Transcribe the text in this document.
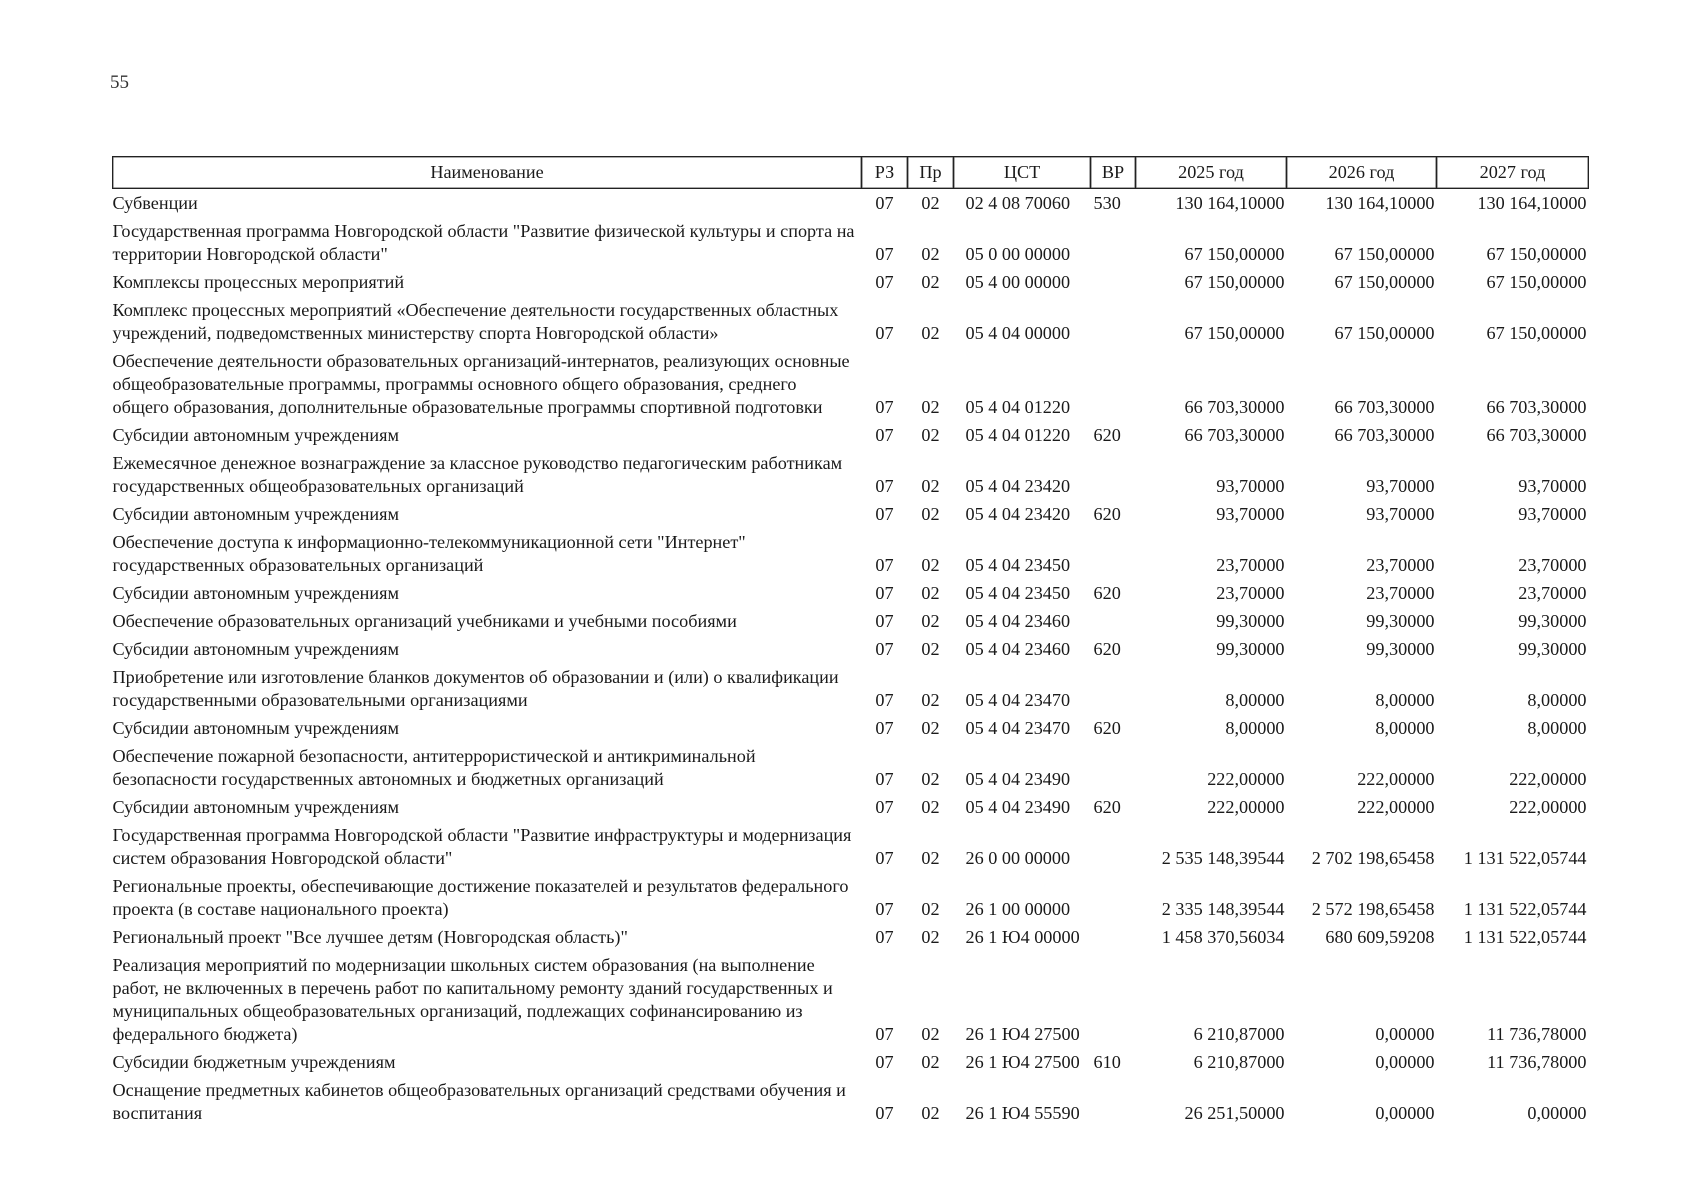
55
Наименование	РЗ	Пр	ЦСТ	ВР	2025 год	2026 год	2027 год
Субвенции	07	02	02 4 08 70060	530	130 164,10000	130 164,10000	130 164,10000
Государственная программа Новгородской области "Развитие физической культуры и спорта на территории Новгородской области"	07	02	05 0 00 00000		67 150,00000	67 150,00000	67 150,00000
Комплексы процессных мероприятий	07	02	05 4 00 00000		67 150,00000	67 150,00000	67 150,00000
Комплекс процессных мероприятий «Обеспечение деятельности государственных областных учреждений, подведомственных министерству спорта Новгородской области»	07	02	05 4 04 00000		67 150,00000	67 150,00000	67 150,00000
Обеспечение деятельности образовательных организаций-интернатов, реализующих основные общеобразовательные программы, программы основного общего образования, среднего общего образования, дополнительные образовательные программы спортивной подготовки	07	02	05 4 04 01220		66 703,30000	66 703,30000	66 703,30000
Субсидии автономным учреждениям	07	02	05 4 04 01220	620	66 703,30000	66 703,30000	66 703,30000
Ежемесячное денежное вознаграждение за классное руководство педагогическим работникам государственных общеобразовательных организаций	07	02	05 4 04 23420		93,70000	93,70000	93,70000
Субсидии автономным учреждениям	07	02	05 4 04 23420	620	93,70000	93,70000	93,70000
Обеспечение доступа к информационно-телекоммуникационной сети "Интернет" государственных образовательных организаций	07	02	05 4 04 23450		23,70000	23,70000	23,70000
Субсидии автономным учреждениям	07	02	05 4 04 23450	620	23,70000	23,70000	23,70000
Обеспечение образовательных организаций учебниками и учебными пособиями	07	02	05 4 04 23460		99,30000	99,30000	99,30000
Субсидии автономным учреждениям	07	02	05 4 04 23460	620	99,30000	99,30000	99,30000
Приобретение или изготовление бланков документов об образовании и (или) о квалификации государственными образовательными организациями	07	02	05 4 04 23470		8,00000	8,00000	8,00000
Субсидии автономным учреждениям	07	02	05 4 04 23470	620	8,00000	8,00000	8,00000
Обеспечение пожарной безопасности, антитеррористической и антикриминальной безопасности государственных автономных и бюджетных организаций	07	02	05 4 04 23490		222,00000	222,00000	222,00000
Субсидии автономным учреждениям	07	02	05 4 04 23490	620	222,00000	222,00000	222,00000
Государственная программа Новгородской области "Развитие инфраструктуры и модернизация систем образования Новгородской области"	07	02	26 0 00 00000		2 535 148,39544	2 702 198,65458	1 131 522,05744
Региональные проекты, обеспечивающие достижение показателей и результатов федерального проекта (в составе национального проекта)	07	02	26 1 00 00000		2 335 148,39544	2 572 198,65458	1 131 522,05744
Региональный проект "Все лучшее детям (Новгородская область)"	07	02	26 1 Ю4 00000		1 458 370,56034	680 609,59208	1 131 522,05744
Реализация мероприятий по модернизации школьных систем образования (на выполнение работ, не включенных в перечень работ по капитальному ремонту зданий государственных и муниципальных общеобразовательных организаций, подлежащих софинансированию из федерального бюджета)	07	02	26 1 Ю4 27500		6 210,87000	0,00000	11 736,78000
Субсидии бюджетным учреждениям	07	02	26 1 Ю4 27500	610	6 210,87000	0,00000	11 736,78000
Оснащение предметных кабинетов общеобразовательных организаций средствами обучения и воспитания	07	02	26 1 Ю4 55590		26 251,50000	0,00000	0,00000
